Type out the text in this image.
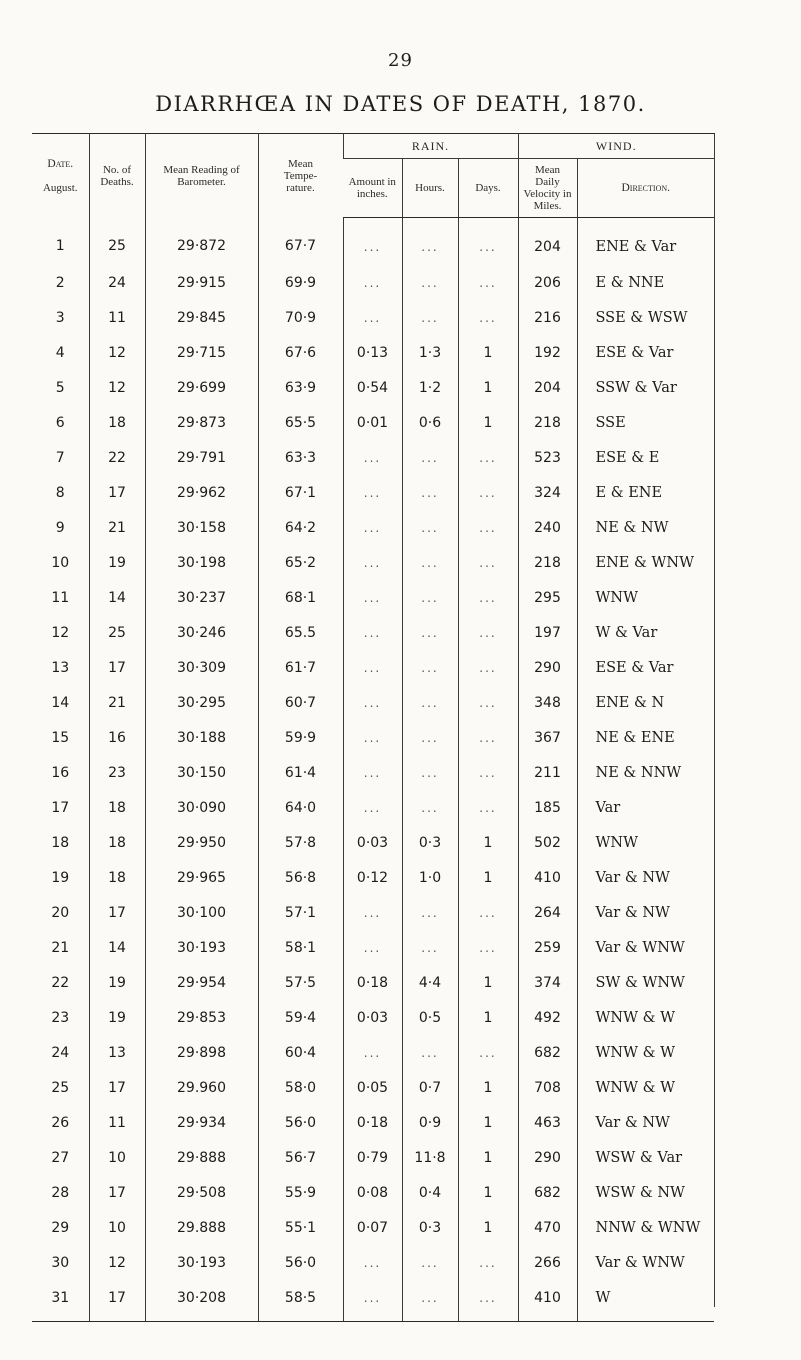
29
DIARRHŒA IN DATES OF DEATH, 1870.
Date.
August.	No. of Deaths.	Mean Reading of Barometer.	Mean Tempe-rature.	RAIN.			WIND.	
				Amount in inches.	Hours.	Days.	Mean Daily Velocity in Miles.	Direction.
1	25	29·872	67·7	...	...	...	204	ENE & Var
2	24	29·915	69·9	...	...	...	206	E & NNE
3	11	29·845	70·9	...	...	...	216	SSE & WSW
4	12	29·715	67·6	0·13	1·3	1	192	ESE & Var
5	12	29·699	63·9	0·54	1·2	1	204	SSW & Var
6	18	29·873	65·5	0·01	0·6	1	218	SSE
7	22	29·791	63·3	...	...	...	523	ESE & E
8	17	29·962	67·1	...	...	...	324	E & ENE
9	21	30·158	64·2	...	...	...	240	NE & NW
10	19	30·198	65·2	...	...	...	218	ENE & WNW
11	14	30·237	68·1	...	...	...	295	WNW
12	25	30·246	65.5	...	...	...	197	W & Var
13	17	30·309	61·7	...	...	...	290	ESE & Var
14	21	30·295	60·7	...	...	...	348	ENE & N
15	16	30·188	59·9	...	...	...	367	NE & ENE
16	23	30·150	61·4	...	...	...	211	NE & NNW
17	18	30·090	64·0	...	...	...	185	Var
18	18	29·950	57·8	0·03	0·3	1	502	WNW
19	18	29·965	56·8	0·12	1·0	1	410	Var & NW
20	17	30·100	57·1	...	...	...	264	Var & NW
21	14	30·193	58·1	...	...	...	259	Var & WNW
22	19	29·954	57·5	0·18	4·4	1	374	SW & WNW
23	19	29·853	59·4	0·03	0·5	1	492	WNW & W
24	13	29·898	60·4	...	...	...	682	WNW & W
25	17	29.960	58·0	0·05	0·7	1	708	WNW & W
26	11	29·934	56·0	0·18	0·9	1	463	Var & NW
27	10	29·888	56·7	0·79	11·8	1	290	WSW & Var
28	17	29·508	55·9	0·08	0·4	1	682	WSW & NW
29	10	29.888	55·1	0·07	0·3	1	470	NNW & WNW
30	12	30·193	56·0	...	...	...	266	Var & WNW
31	17	30·208	58·5	...	...	...	410	W
